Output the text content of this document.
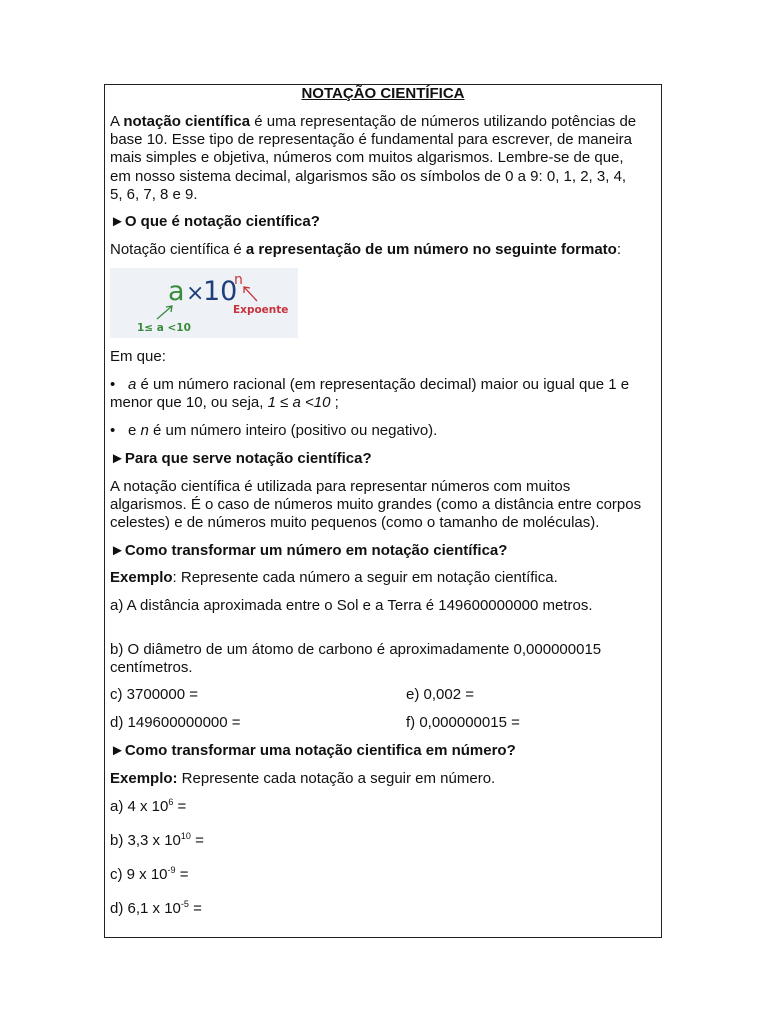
NOTAÇÃO CIENTÍFICA

A notação científica é uma representação de números utilizando potências de

base 10. Esse tipo de representação é fundamental para escrever, de maneira

mais simples e objetiva, números com muitos algarismos. Lembre-se de que,

em nosso sistema decimal, algarismos são os símbolos de 0 a 9: 0, 1, 2, 3, 4,

5, 6, 7, 8 e 9.

►O que é notação científica?

Notação científica é a representação de um número no seguinte formato:

a ×
10
n
Expoente
1≤ a <10

Em que:

• a é um número racional (em representação decimal) maior ou igual que 1 e

menor que 10, ou seja, 1 ≤ a <10 ;

• e n é um número inteiro (positivo ou negativo).

►Para que serve notação científica?

A notação científica é utilizada para representar números com muitos

algarismos. É o caso de números muito grandes (como a distância entre corpos

celestes) e de números muito pequenos (como o tamanho de moléculas).

►Como transformar um número em notação científica?

Exemplo: Represente cada número a seguir em notação científica.

a) A distância aproximada entre o Sol e a Terra é 149600000000 metros.

b) O diâmetro de um átomo de carbono é aproximadamente 0,000000015

centímetros.

c) 3700000 =	e) 0,002 =

d) 149600000000 =	f) 0,000000015 =

►Como transformar uma notação cientifica em número?

Exemplo: Represente cada notação a seguir em número.

a) 4 x $10^6$ =

b) 3,3 x $10^{10}$ =

c) 9 x $10^{-9}$ =

d) 6,1 x $10^{-5}$ =
